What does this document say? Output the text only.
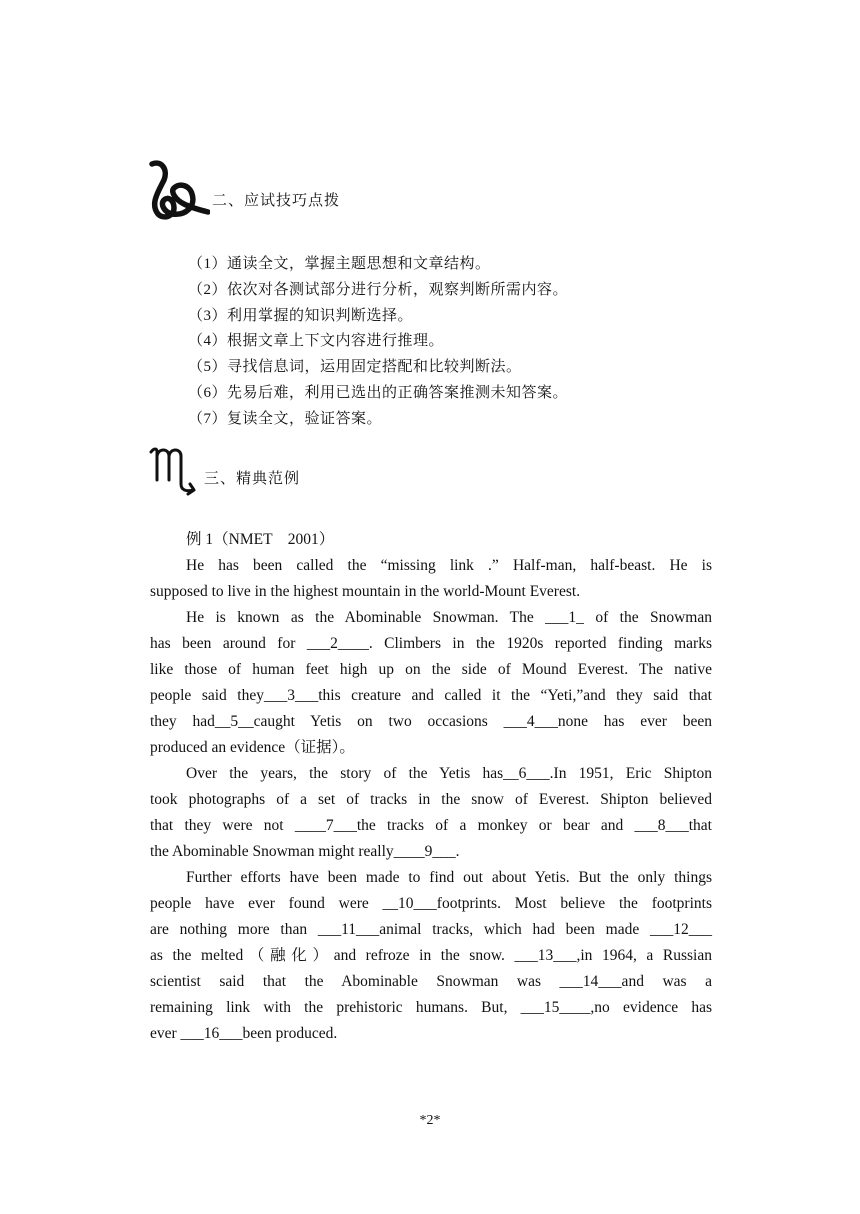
二、应试技巧点拨
（1）通读全文，掌握主题思想和文章结构。
（2）依次对各测试部分进行分析，观察判断所需内容。
（3）利用掌握的知识判断选择。
（4）根据文章上下文内容进行推理。
（5）寻找信息词，运用固定搭配和比较判断法。
（6）先易后难，利用已选出的正确答案推测未知答案。
（7）复读全文，验证答案。
三、精典范例
例 1（NMET　2001）
He has been called the “missing link .” Half-man, half-beast. He is
supposed to live in the highest mountain in the world-Mount Everest.
He is known as the Abominable Snowman. The ___1_ of the Snowman
has been around for ___2____. Climbers in the 1920s reported finding marks
like those of human feet high up on the side of Mound Everest. The native
people said they___3___this creature and called it the “Yeti,”and they said that
they had__5__caught Yetis on two occasions ___4___none has ever been
produced an evidence（证据）。
Over the years, the story of the Yetis has__6___.In 1951, Eric Shipton
took photographs of a set of tracks in the snow of Everest. Shipton believed
that they were not ____7___the tracks of a monkey or bear and ___8___that
the Abominable Snowman might really____9___.
Further efforts have been made to find out about Yetis. But the only things
people have ever found were __10___footprints. Most believe the footprints
are nothing more than ___11___animal tracks, which had been made ___12___
as the melted（融化）and refroze in the snow. ___13___,in 1964, a Russian
scientist said that the Abominable Snowman was ___14___and was a
remaining link with the prehistoric humans. But, ___15____,no evidence has
ever ___16___been produced.
*2*
